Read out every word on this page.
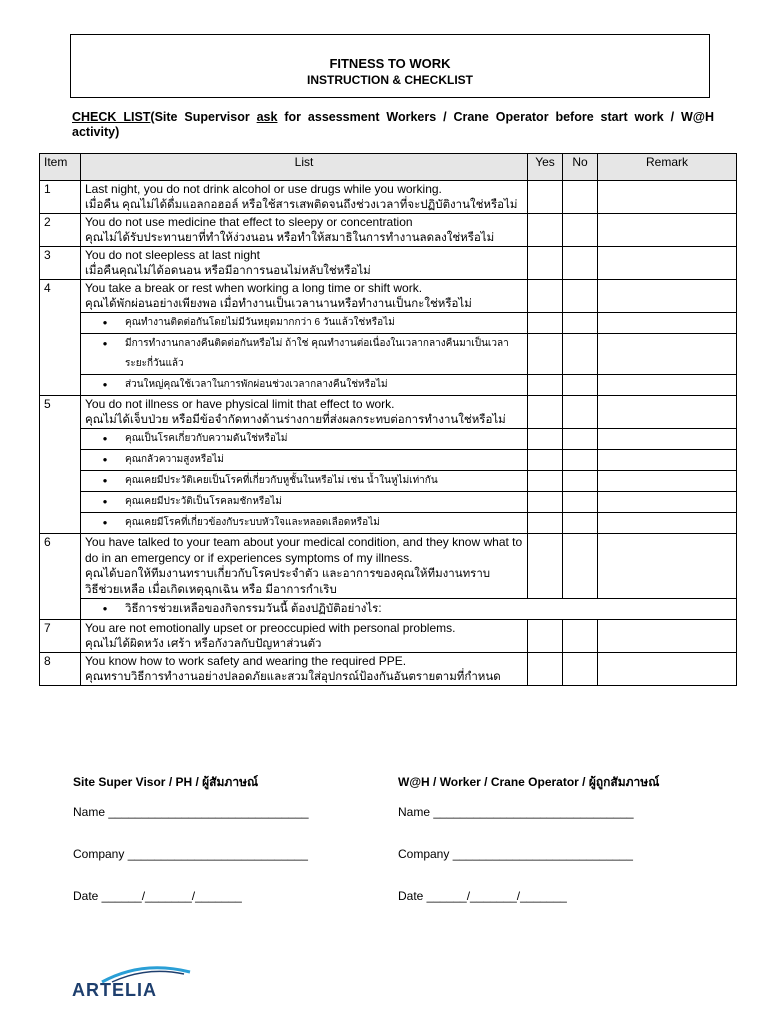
FITNESS TO WORK
INSTRUCTION & CHECKLIST
CHECK LIST(Site Supervisor ask for assessment Workers / Crane Operator before start work / W@H activity)
Item	List	Yes	No	Remark
1	Last night, you do not drink alcohol or use drugs while you working.
เมื่อคืน คุณไม่ได้ดื่มแอลกอฮอล์ หรือใช้สารเสพติดจนถึงช่วงเวลาที่จะปฏิบัติงานใช่หรือไม่			

2	You do not use medicine that effect to sleepy or concentration
คุณไม่ได้รับประทานยาที่ทำให้ง่วงนอน หรือทำให้สมาธิในการทำงานลดลงใช่หรือไม่			

3	You do not sleepless at last night
เมื่อคืนคุณไม่ได้อดนอน หรือมีอาการนอนไม่หลับใช่หรือไม่			

4	You take a break or rest when working a long time or shift work.
คุณได้พักผ่อนอย่างเพียงพอ เมื่อทำงานเป็นเวลานานหรือทำงานเป็นกะใช่หรือไม่			

	● คุณทำงานติดต่อกันโดยไม่มีวันหยุดมากกว่า 6 วันแล้วใช่หรือไม่			

	● มีการทำงานกลางคืนติดต่อกันหรือไม่ ถ้าใช่ คุณทำงานต่อเนื่องในเวลากลางคืนมาเป็นเวลาระยะกี่วันแล้ว			

	● ส่วนใหญ่คุณใช้เวลาในการพักผ่อนช่วงเวลากลางคืนใช่หรือไม่			

5	You do not illness or have physical limit that effect to work.
คุณไม่ได้เจ็บป่วย หรือมีข้อจำกัดทางด้านร่างกายที่ส่งผลกระทบต่อการทำงานใช่หรือไม่			

	● คุณเป็นโรคเกี่ยวกับความดันใช่หรือไม่			

	● คุณกลัวความสูงหรือไม่			

	● คุณเคยมีประวัติเคยเป็นโรคที่เกี่ยวกับหูชั้นในหรือไม่ เช่น น้ำในหูไม่เท่ากัน			

	● คุณเคยมีประวัติเป็นโรคลมชักหรือไม่			

	● คุณเคยมีโรคที่เกี่ยวข้องกับระบบหัวใจและหลอดเลือดหรือไม่			

6	You have talked to your team about your medical condition, and they know what to do in an emergency or if experiences symptoms of my illness.
คุณได้บอกให้ทีมงานทราบเกี่ยวกับโรคประจำตัว และอาการของคุณให้ทีมงานทราบ
วิธีช่วยเหลือ เมื่อเกิดเหตุฉุกเฉิน หรือ มีอาการกำเริบ			

	● วิธีการช่วยเหลือของกิจกรรมวันนี้ ต้องปฏิบัติอย่างไร:			

7	You are not emotionally upset or preoccupied with personal problems.
คุณไม่ได้ผิดหวัง เศร้า หรือกังวลกับปัญหาส่วนตัว			

8	You know how to work safety and wearing the required PPE.
คุณทราบวิธีการทำงานอย่างปลอดภัยและสวมใส่อุปกรณ์ป้องกันอันตรายตามที่กำหนด			

Site Super Visor / PH / ผู้สัมภาษณ์	W@H / Worker / Crane Operator / ผู้ถูกสัมภาษณ์
Name ______________________________	Name ______________________________
Company ___________________________	Company ___________________________
Date ______/_______/_______	Date ______/_______/_______
ARTELIA
